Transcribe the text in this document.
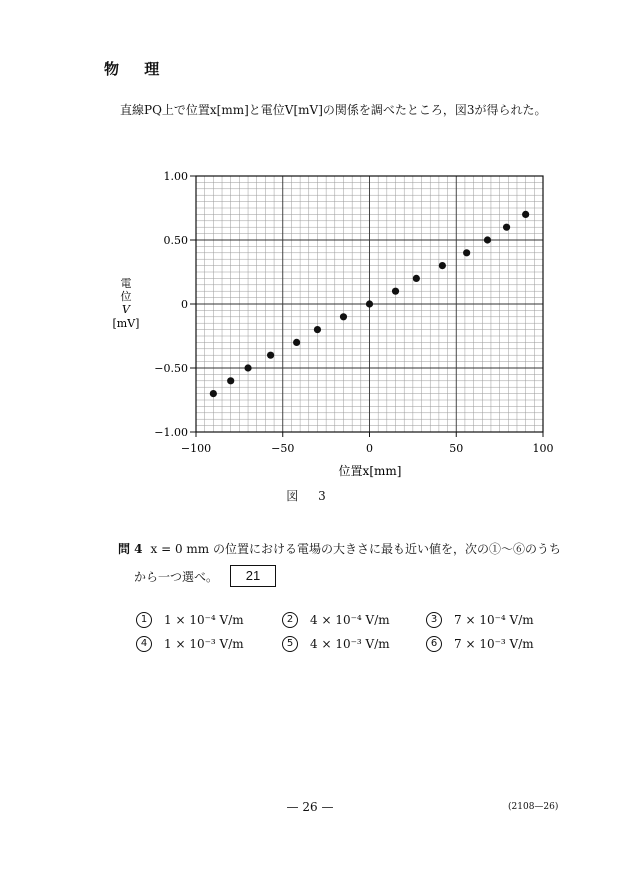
物 理
直線PQ上で位置x[mm]と電位V[mV]の関係を調べたところ，図3が得られた。
1.00
0.50
0
−0.50
−1.00
−100	−50	0	50	100
電
位
V
[mV]
位置x[mm]
図 3
問 4 x = 0 mm の位置における電場の大きさに最も近い値を，次の①～⑥のうち
から一つ選べ。	21
1	1 × 10⁻⁴ V/m	2	4 × 10⁻⁴ V/m	3	7 × 10⁻⁴ V/m
4	1 × 10⁻³ V/m	5	4 × 10⁻³ V/m	6	7 × 10⁻³ V/m
— 26 —	(2108—26)
